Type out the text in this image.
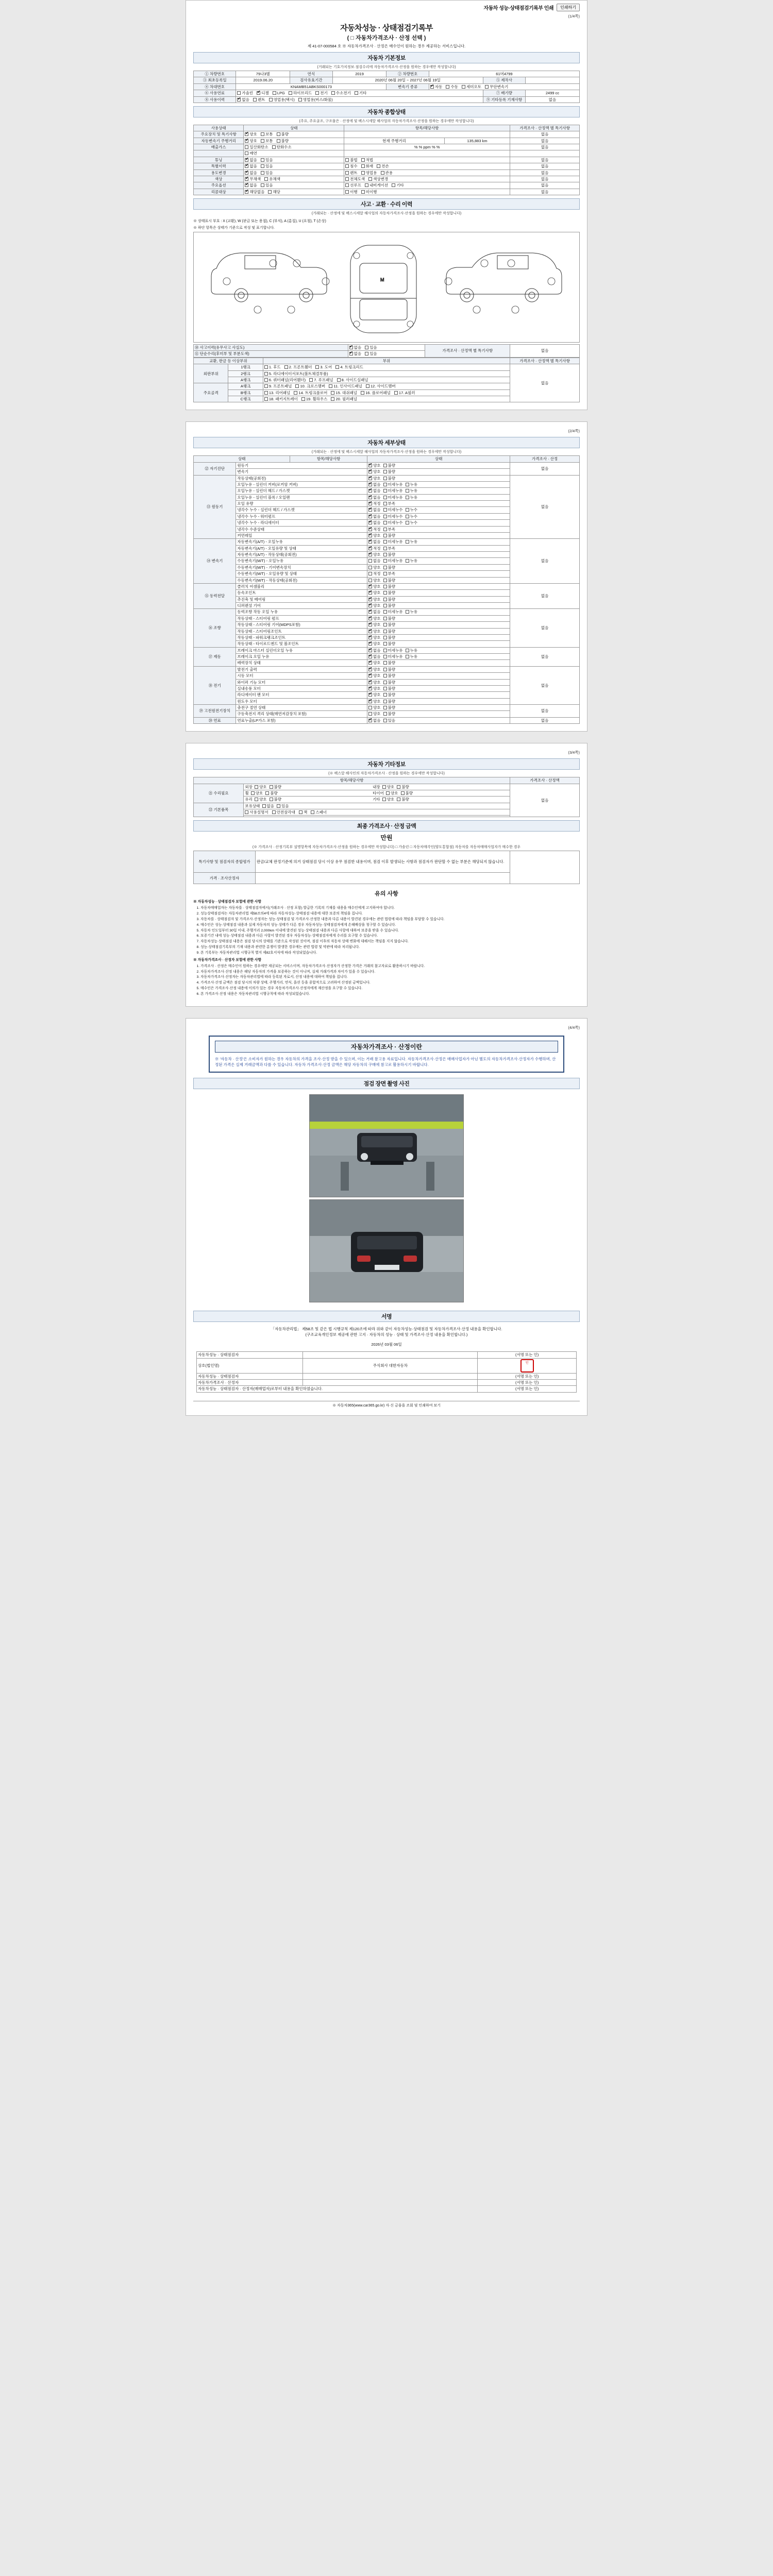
자동차 성능·상태점검기록부 인쇄	인쇄하기
(1/4쪽)
자동차성능 · 상태점검기록부
( □ 자동차가격조사 · 산정 선택 )
제 41-07-000584 호 ※ 자동차가격조사 · 산정은 매수인이 원하는 경우 제공하는 서비스입니다.
자동차 기본정보
(거래되는 기호가치정보·점검수리에 자동차가격조사·산정을 원하는 경우에만 작성합니다)
① 차량번호	79나3별	연식	2019	② 차량번호	61머4799		
③ 최초등록일	2019.06.20	검사유효기간	2020년 06월 20일 ~ 2027년 06월 19일			⑤ 제작사	
④ 차대번호	KNAMB51ABKS000173			변속기 종류	✔자동 수동 세미오토 무단변속기
⑥ 사용연료	가솔린 ✔ 디젤 LPG 하이브리드 전기 수소전기 기타					⑦ 배기량	2499 cc
⑧ 사용이력	✔없음 렌트 영업용(택시) 영업용(버스/화물)					⑨ 기타등록 기재사항	없음
자동차 종합상태
(주요, 주요골조, 구조물은 · 산정에 및 팩스시세앞 해사업의 자동차가격조사·산정을 원하는 경우에만 작성합니다)
사용상태	상태	항목/해당사항		가격조사 · 산정액 별 특기사항
주요장치 및 특기사항	✔양호 보통 불량			없음
자동변속기 주행거리	✔양호 보통 불량	현재 주행거리	135,883 km	없음
배출가스	일산화탄소 탄화수소	% % ppm % %		없음
	매연			
튜닝	✔없음 있음	불법 적법		없음
특별이력	✔없음 있음	침수 화재 전손		없음
용도변경	✔없음 있음	렌트 영업용 관용		없음
색상	✔무채색 유채색	전체도색 색상변경		없음
주요옵션	✔없음 있음	선루프 내비게이션 기타		없음
리콜대상	✔해당없음 해당	이행 미이행		없음
사고 · 교환 · 수리 이력
(거래되는 · 산정에 및 팩스시세앞 해사업의 자동차가격조사·산정을 원하는 경우에만 작성합니다)
※ 상태표시 부호 : X (교환), W (판금 또는 용접), C (부식), A (흠집), U (요철), T (손상)
※ 하단 항목은 상태가 기준으로 작성 및 표기합니다.
M
⑩ 사고이력(유무사고 사실도)	✔없음 있음	가격조사 · 산정액 별 특기사항	없음
⑪ 단순수리(후미부 및 부분도색)	✔없음 있음
교환, 판금 등 이상부위		부위	가격조사 · 산정액 별 특기사항
외판부위	1랭크	1. 후드 2. 프론트휀더 3. 도어 4. 트렁크리드	없음
	2랭크	5. 라디에이터서포트(볼트체결부품)	
	A랭크	6. 쿼터패널(리어휀더) 7. 루프패널 8. 사이드실패널	
주요골격	A랭크	9. 프론트패널 10. 크로스멤버 11. 인사이드패널 12. 사이드멤버	
	B랭크	13. 리어패널 14. 트렁크플로어 15. 대쉬패널 16. 플로어패널 17. A필러	
	C랭크	18. 패키지트레이 19. 휠하우스 20. 필러패널	
(2/4쪽)
자동차 세부상태
(거래되는 · 산정에 및 팩스시세앞 해사업의 자동차가격조사·산정을 원하는 경우에만 작성합니다)
상태		항목/해당사항	상태	가격조사 · 산정
⑫ 자기진단	원동기	✔양호 불량	없음
	변속기	✔양호 불량
⑬ 원동기	작동상태(공회전)	✔양호 불량	없음
	오일누유 - 실린더 커버(로커암 커버)	✔없음 미세누유 누유
	오일누유 - 실린더 헤드 / 가스켓	✔없음 미세누유 누유
	오일누유 - 실린더 블록 / 오일팬	✔없음 미세누유 누유
	오일 유량	✔적정 부족
	냉각수 누수 - 실린더 헤드 / 가스켓	✔없음 미세누수 누수
	냉각수 누수 - 워터펌프	✔없음 미세누수 누수
	냉각수 누수 - 라디에이터	✔없음 미세누수 누수
	냉각수 수준상태	✔적정 부족
	커먼레일	✔양호 불량
⑭ 변속기	자동변속기(A/T) - 오일누유	✔없음 미세누유 누유	없음
	자동변속기(A/T) - 오일유량 및 상태	✔적정 부족
	자동변속기(A/T) - 작동상태(공회전)	✔양호 불량
	수동변속기(M/T) - 오일누유		없음 미세누유 누유	
	수동변속기(M/T) - 기어변속장치		양호 불량	
	수동변속기(M/T) - 오일유량 및 상태		적정 부족	
	수동변속기(M/T) - 작동상태(공회전)		양호 불량	
⑮ 동력전달	클러치 어셈블리	✔양호 불량	없음
	등속조인트	✔양호 불량
	추진축 및 베어링	✔양호 불량
	디퍼렌셜 기어	✔양호 불량
⑯ 조향	동력조향 작동 오일 누유	✔없음 미세누유 누유	없음
	작동상태 - 스티어링 펌프	✔양호 불량
	작동상태 - 스티어링 기어(MDPS포함)	✔양호 불량
	작동상태 - 스티어링조인트	✔양호 불량
	작동상태 - 파워크랭크조인트	✔양호 불량
	작동상태 - 타이로드엔드 및 볼조인트	✔양호 불량
⑰ 제동	브레이크 마스터 실린더오일 누유	✔없음 미세누유 누유	없음
	브레이크 오일 누유	✔없음 미세누유 누유
	배력장치 상태	✔양호 불량
⑱ 전기	발전기 출력	✔양호 불량	없음
	시동 모터	✔양호 불량
	와이퍼 기능 모터	✔양호 불량
	실내송풍 모터	✔양호 불량
	라디에이터 팬 모터	✔양호 불량
	윈도우 모터	✔양호 불량
⑲ 고전원전기장치	충전구 절연 상태		양호 불량	없음
	구동축전지 격리 상태(매연저감장치 포함)		양호 불량	
⑳ 연료	연료누출(LP가스 포함)	✔없음 있음	없음
(3/4쪽)
자동차 기타정보
(※ 팩스앞 해사인의 자동차가격조사 · 산정을 원하는 경우에만 작성합니다)
항목/해당사항		가격조사 · 산정액
㉑ 수리필요	외장  양호 불량 내장  양호 불량	없음
	휠  양호 불량 타이어  양호 불량	
	유리  양호 불량 기타  양호 불량	
㉒ 기본품목	보유상태  없음 있음	
	사용설명서 안전삼각대 잭 스패너	

최종 가격조사 · 산정 금액
만원
(※ 가격조사 · 산정기록부 설명항목에 자동차가격조사·산정을 원하는 경우에만 작성합니다) □ 가솔린 □ 자동차매각인(양도통합점) 자동차를 자동차매매사업자가 매수한 경우
특기사항 및 점검자의 종합평가	판금/교체 판정기준에 의거 상태점검 당시 이상 유무 점검한 내용이며, 점검 이후 발생되는 사항과 점검자가 판단할 수 없는 부분은 해당되지 않습니다.	
가격 · 조사산정자		
유의 사항

※ 자동차성능 · 상태점검자 보험에 관한 사항

1. 자동차매매업자는 자동차를 · 상태점검자에서(거래조사 · 산정 포함) 발급한 기록의 기재를 내용을 매수인에게 고지하여야 합니다.
2. 성능상태점검자는 자동차관리법 제58조의4에 따라 자동차성능·상태점검 내용에 대한 보증의 책임을 집니다.
3. 자동차를 · 상태점검자 및 가격조사·산정자는 성능·상태점검 및 가격조사·산정한 내용과 다른 내용이 발견된 경우에는 관련 법령에 따라 책임을 부담할 수 있습니다.
4. 매수인은 성능·상태점검 내용과 실제 자동차의 성능·상태가 다른 경우 자동차성능·상태점검자에게 손해배상을 청구할 수 있습니다.
5. 자동차 인도일부터 30일 이내, 주행거리 2,000km 이내에 발견된 성능·상태점검 내용과 다른 사항에 대하여 보증을 받을 수 있습니다.
6. 보증기간 내에 성능·상태점검 내용과 다른 사항이 발견된 경우 자동차성능·상태점검자에게 수리를 요구할 수 있습니다.
7. 자동차성능·상태점검 내용은 점검 당시의 상태를 기준으로 작성된 것이며, 점검 이후의 자동차 상태 변화에 대해서는 책임을 지지 않습니다.
8. 성능·상태점검기록부의 기재 내용과 관련한 분쟁이 발생한 경우에는 관련 법령 및 약관에 따라 처리됩니다.
9. 본 기록부는 자동차관리법 시행규칙 별지 제82호서식에 따라 작성되었습니다.

※ 자동차가격조사 · 산정자 보험에 관한 사항

1. 가격조사 · 산정은 매수인이 원하는 경우에만 제공되는 서비스이며, 자동차가격조사·산정자가 산정한 가격은 거래의 참고자료로 활용하시기 바랍니다.
2. 자동차가격조사·산정 내용은 해당 자동차의 가격을 보증하는 것이 아니며, 실제 거래가격과 차이가 있을 수 있습니다.
3. 자동차가격조사·산정자는 자동차관리법에 따라 등록된 자로서, 산정 내용에 대하여 책임을 집니다.
4. 가격조사·산정 금액은 점검 당시의 차량 상태, 주행거리, 연식, 옵션 등을 종합적으로 고려하여 산정된 금액입니다.
5. 매수인은 가격조사·산정 내용에 이의가 있는 경우 자동차가격조사·산정자에게 재산정을 요구할 수 있습니다.
6. 본 가격조사·산정 내용은 자동차관리법 시행규칙에 따라 작성되었습니다.
(4/4쪽)
자동차가격조사 · 산정이란
※ '자동차 · 산정'은 소비자가 원하는 경우 자동차의 가격을 조사·산정 받을 수 있으며, 이는 거래 참고용 자료입니다. 자동차가격조사·산정은 매매사업자가 아닌 별도의 자동차가격조사·산정자가 수행하며, 산정된 가격은 실제 거래금액과 다를 수 있습니다. 자동차 가격조사·산정 금액은 해당 자동차의 구매에 참고로 활용하시기 바랍니다.
점검 장면 촬영 사진
서명
「자동차관리법」 제58조 및 같은 법 시행규칙 제120조에 따라 위와 같이 자동차성능·상태점검 및 자동차가격조사·산정 내용을 확인합니다.
(구조교육개인정보 제공에 관한 고지 · 자동차의 성능 · 상태 및 가격조사·산정 내용을 확인합니다.)
2026년 03월 06일
자동차성능 · 상태점검자		(서명 또는 인)
상호(법인명)	주식회사 대한자동차	인
자동차성능 · 상태점검자		(서명 또는 인)
자동차가격조사 · 산정자		(서명 또는 인)
자동차성능 · 상태점검자 · 산정자(매매업자)로부터 내용을 확인하였습니다.		(서명 또는 인)
※ 자동차365(www.car365.go.kr) 자·신 금융을 조회 및 인쇄하여 보기
